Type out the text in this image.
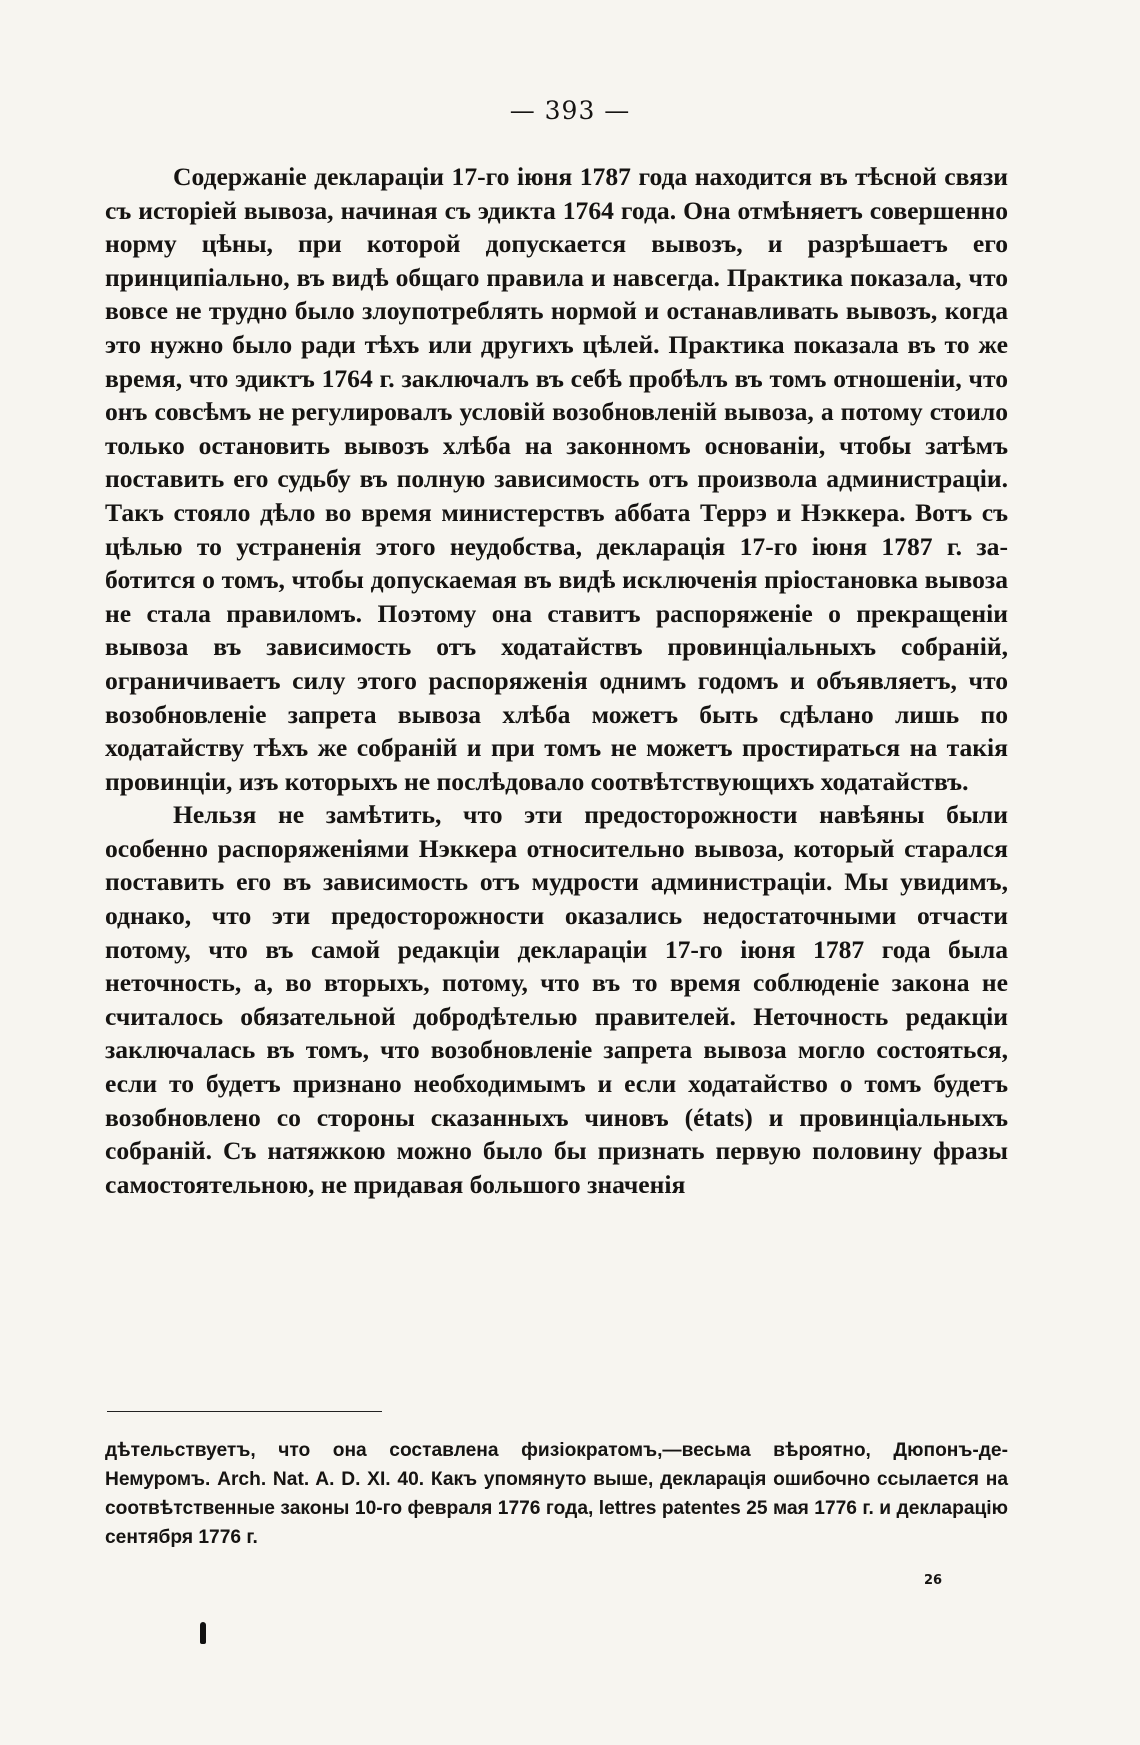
— 393 —

Содержаніе деклараціи 17-го іюня 1787 года находится въ тѣсной связи съ исторіей вывоза, начиная съ эдикта 1764 года. Она отмѣняетъ совершенно норму цѣны, при которой допускается вывозъ, и разрѣшаетъ его принципіально, въ видѣ общаго правила и навсегда. Практика показала, что вовсе не трудно было злоупотреблять нормой и останавливать вывозъ, когда это нужно было ради тѣхъ или другихъ цѣлей. Практика показала въ то же время, что эдиктъ 1764 г. заключалъ въ себѣ пробѣлъ въ томъ отношеніи, что онъ совсѣмъ не регулировалъ условій возобновленій вывоза, а потому стоило только остановить вывозъ хлѣба на законномъ основаніи, чтобы затѣмъ поставить его судьбу въ полную зависимость отъ произвола администраціи. Такъ стояло дѣло во время министерствъ аббата Террэ и Нэккера. Вотъ съ цѣлью то устраненія этого неудобства, декларація 17-го іюня 1787 г. заботится о томъ, чтобы допускаемая въ видѣ исключенія пріостановка вывоза не стала правиломъ. Поэтому она ставитъ распоряженіе о прекращеніи вывоза въ зависимость отъ ходатайствъ провинціальныхъ собраній, ограничиваетъ силу этого распоряженія однимъ годомъ и объявляетъ, что возобновленіе запрета вывоза хлѣба можетъ быть сдѣлано лишь по ходатайству тѣхъ же собраній и при томъ не можетъ простираться на такія провинціи, изъ которыхъ не послѣдовало соотвѣтствующихъ ходатайствъ.

Нельзя не замѣтить, что эти предосторожности навѣяны были особенно распоряженіями Нэккера относительно вывоза, который старался поставить его въ зависимость отъ мудрости администраціи. Мы увидимъ, однако, что эти предосторожности оказались недостаточными отчасти потому, что въ самой редакціи деклараціи 17-го іюня 1787 года была неточность, а, во вторыхъ, потому, что въ то время соблюденіе закона не считалось обязательной добродѣтелью правителей. Неточность редакціи заключалась въ томъ, что возобновленіе запрета вывоза могло состояться, если то будетъ признано необходимымъ и если ходатайство о томъ будетъ возобновлено со стороны сказанныхъ чиновъ (états) и провинціальныхъ собраній. Съ натяжкою можно было бы признать первую половину фразы самостоятельною, не придавая большого значенія

дѣтельствуетъ, что она составлена физіократомъ,—весьма вѣроятно, Дюпонъ-де-Немуромъ. Arch. Nat. A. D. XI. 40. Какъ упомянуто выше, декларація ошибочно ссылается на соотвѣтственные законы 10-го февраля 1776 года, lettres patentes 25 мая 1776 г. и декларацію сентября 1776 г.

26
